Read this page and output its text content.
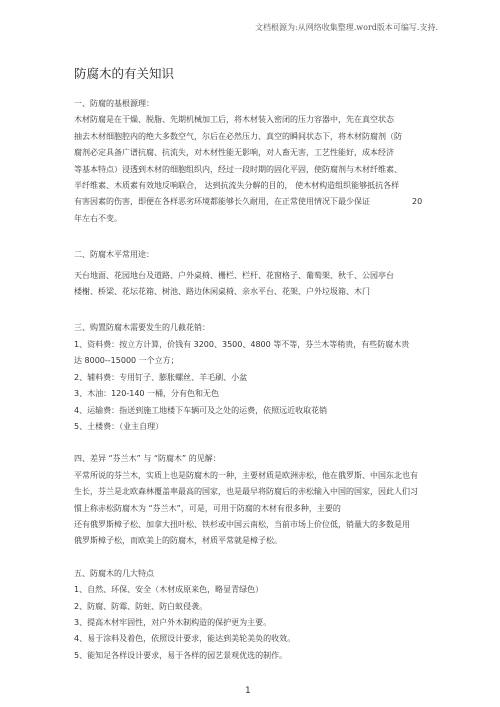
文档根源为:从网络收集整理.word版本可编写.支持.
防腐木的有关知识
一、防腐的基根源理：
木材防腐是在干燥、脱脂、先期机械加工后，将木材装入密闭的压力容器中，先在真空状态
抽去木材细胞腔内的绝大多数空气，尔后在必然压力、真空的瞬间状态下，将木材防腐剂（防
腐剂必定具备广谱抗腐、抗流失，对木材性能无影响，对人畜无害，工艺性能好，成本经济
等基本特点）浸透到木材的细胞组织内，经过一段时期的固化平固，使防腐剂与木材纤维素、
半纤维素、木质素有效地反响联合， 达到抗流失分解的目的， 使木材构造组织能够抵抗各样
有害因素的伤害，即便在各样恶劣环境都能够长久耐用，在正常使用情况下最少保证	20
年左右不变。
二、防腐木平常用途：
天台地面、花园地台及道路、户外桌椅、栅栏、栏杆、花窗格子、葡萄架、秋千、公园亭台
楼榭、桥梁、花坛花箱、树池、路边休闲桌椅、亲水平台、花架、户外垃圾箱、木门
三、购置防腐木需要发生的几截花销：
1、资料费：按立方计算，价钱有 3200、3500、4800 等不等，芬兰木等稍贵，有些防腐木贵
达 8000--15000 一个立方；
2、辅料费：专用钉子、膨胀螺丝、羊毛刷、小盆
3、木油：120-140 一桶，分有色和无色
4、运输费：指送到施工地楼下车辆可及之处的运费，依照远近收取花销
5、土楼费：（业主自理）
四、差异 “芬兰木” 与 “防腐木” 的见解：
平常所说的芬兰木，实质上也是防腐木的一种，主要材质是欧洲赤松，他在俄罗斯、中国东北也有
生长，芬兰是北欧森林覆盖率最高的国家，也是最早将防腐后的赤松输入中国的国家，因此人们习
惯上称赤松防腐木为 “芬兰木”，可是，可用于防腐的木材有很多种，主要的
还有俄罗斯樟子松、加拿大扭叶松、铁杉或中国云南松，当前市场上价位低，销量大的多数是用
俄罗斯樟子松，而欧美上的防腐木，材质平常就是樟子松。
五、防腐木的几大特点
1、自然、环保、安全（木材成原来色，略显青绿色）
2、防腐、防霉、防蛀、防白蚁侵袭。
3、提高木材牢固性，对户外木制构造的保护更为主要。
4、易于涂料及着色，依照设计要求，能达到美轮美奂的收效。
5、能知足各样设计要求，易于各样的园艺景观优选的制作。
1
